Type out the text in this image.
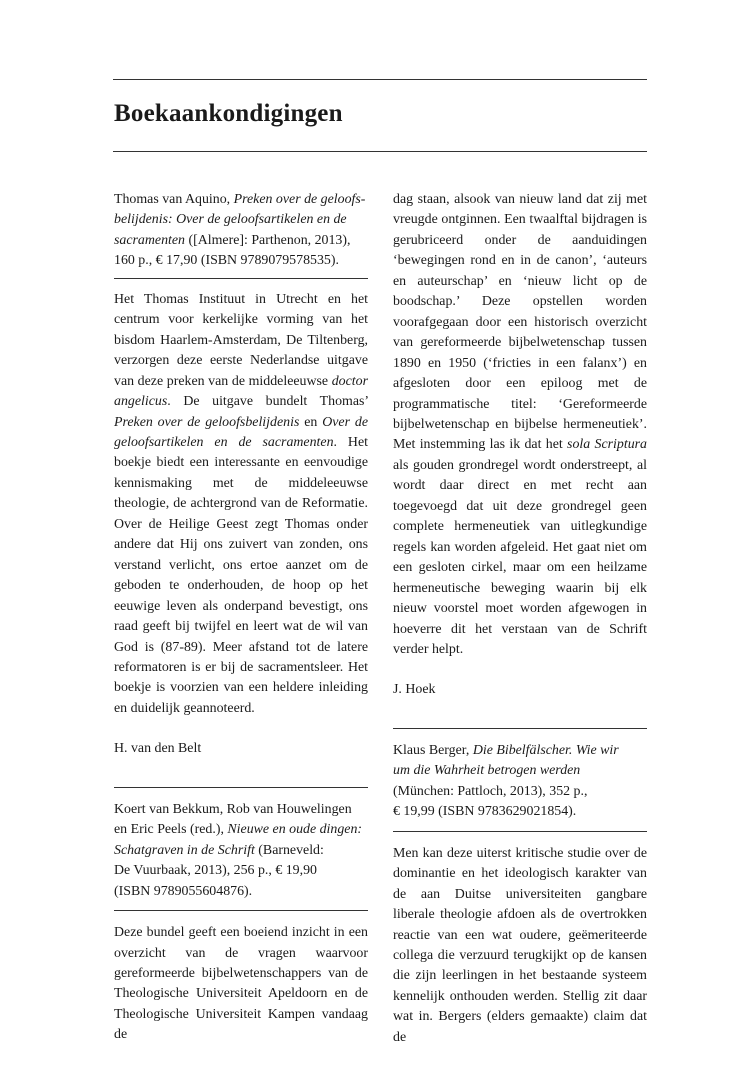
Boekaankondigingen
Thomas van Aquino, Preken over de geloofs-
belijdenis: Over de geloofsartikelen en de
sacramenten ([Almere]: Parthenon, 2013),
160 p., € 17,90 (ISBN 9789079578535).

Het Thomas Instituut in Utrecht en het centrum voor kerkelijke vorming van het bisdom Haarlem-Amsterdam, De Tiltenberg, verzorgen deze eerste Nederlandse uitgave van deze preken van de middeleeuwse doctor angelicus. De uitgave bundelt Thomas’ Preken over de geloofsbelijdenis en Over de geloofsartikelen en de sacramenten. Het boekje biedt een interessante en eenvoudige kennismaking met de middeleeuwse theologie, de achtergrond van de Reformatie. Over de Heilige Geest zegt Thomas onder andere dat Hij ons zuivert van zonden, ons verstand verlicht, ons ertoe aanzet om de geboden te onderhouden, de hoop op het eeuwige leven als onderpand bevestigt, ons raad geeft bij twijfel en leert wat de wil van God is (87-89). Meer afstand tot de latere reformatoren is er bij de sacramentsleer. Het boekje is voorzien van een heldere inleiding en duidelijk geannoteerd.

H. van den Belt

Koert van Bekkum, Rob van Houwelingen
en Eric Peels (red.), Nieuwe en oude dingen:
Schatgraven in de Schrift (Barneveld:
De Vuurbaak, 2013), 256 p., € 19,90
(ISBN 9789055604876).

Deze bundel geeft een boeiend inzicht in een overzicht van de vragen waarvoor gereformeerde bijbelwetenschappers van de Theologische Universiteit Apeldoorn en de Theologische Universiteit Kampen vandaag de

dag staan, alsook van nieuw land dat zij met vreugde ontginnen. Een twaalftal bijdragen is gerubriceerd onder de aanduidingen ‘bewegingen rond en in de canon’, ‘auteurs en auteurschap’ en ‘nieuw licht op de boodschap.’ Deze opstellen worden voorafgegaan door een historisch overzicht van gereformeerde bijbelwetenschap tussen 1890 en 1950 (‘fricties in een falanx’) en afgesloten door een epiloog met de programmatische titel: ‘Gereformeerde bijbelwetenschap en bijbelse hermeneutiek’. Met instemming las ik dat het sola Scriptura als gouden grondregel wordt onderstreept, al wordt daar direct en met recht aan toegevoegd dat uit deze grondregel geen complete hermeneutiek van uitlegkundige regels kan worden afgeleid. Het gaat niet om een gesloten cirkel, maar om een heilzame hermeneutische beweging waarin bij elk nieuw voorstel moet worden afgewogen in hoeverre dit het verstaan van de Schrift verder helpt.

J. Hoek

Klaus Berger, Die Bibelfälscher. Wie wir
um die Wahrheit betrogen werden
(München: Pattloch, 2013), 352 p.,
€ 19,99 (ISBN 9783629021854).

Men kan deze uiterst kritische studie over de dominantie en het ideologisch karakter van de aan Duitse universiteiten gangbare liberale theologie afdoen als de overtrokken reactie van een wat oudere, geëmeriteerde collega die verzuurd terugkijkt op de kansen die zijn leerlingen in het bestaande systeem kennelijk onthouden werden. Stellig zit daar wat in. Bergers (elders gemaakte) claim dat de
